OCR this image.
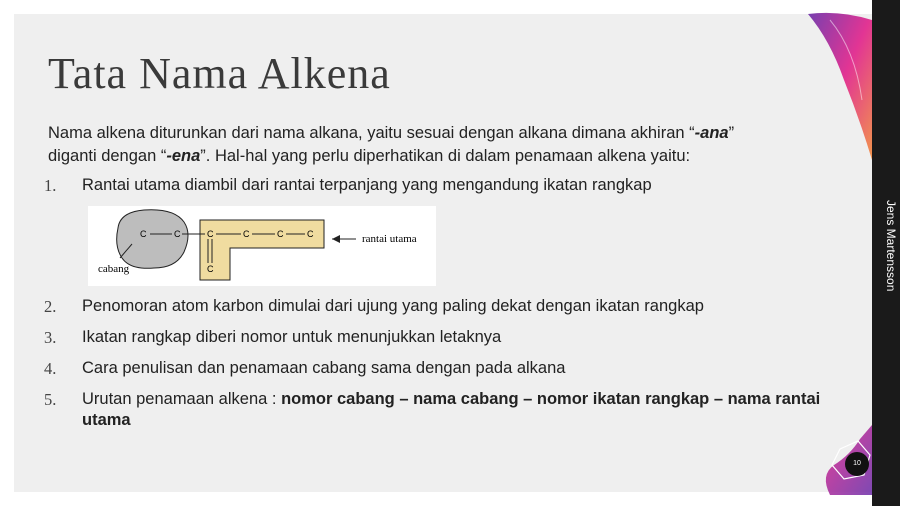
Jens Martensson
Tata Nama Alkena
Nama alkena diturunkan dari nama alkana, yaitu sesuai dengan alkana dimana akhiran “-ana”
diganti dengan “-ena”. Hal-hal yang perlu diperhatikan di dalam penamaan alkena yaitu:
1.	Rantai utama diambil dari rantai terpanjang yang mengandung ikatan rangkap
C	C	C	C	C	C
C
rantai utama
cabang
2.	Penomoran atom karbon dimulai dari ujung yang paling dekat dengan ikatan rangkap
3.	Ikatan rangkap diberi nomor untuk menunjukkan letaknya
4.	Cara penulisan dan penamaan cabang sama dengan pada alkana
5.	Urutan penamaan alkena : nomor cabang – nama cabang – nomor ikatan rangkap – nama rantai utama
10
